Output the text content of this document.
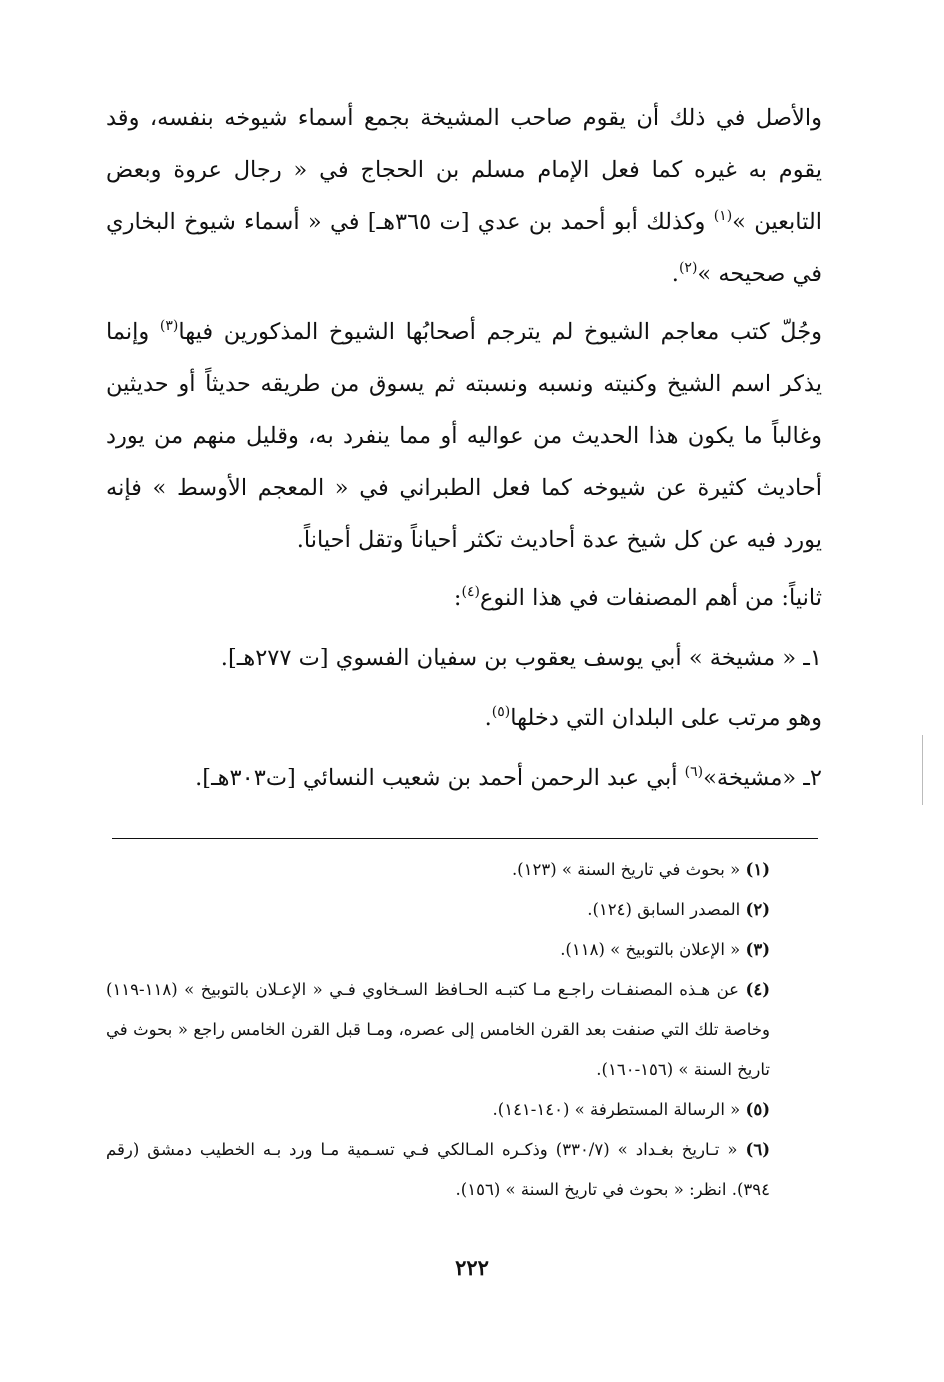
والأصل في ذلك أن يقوم صاحب المشيخة بجمع أسماء شيوخه بنفسه، وقد يقوم به غيره كما فعل الإمام مسلم بن الحجاج في « رجال عروة وبعض التابعين »$^{(١)}$ وكذلك أبو أحمد بن عدي [ت ٣٦٥هـ] في « أسماء شيوخ البخاري في صحيحه »$^{(٢)}$.

وجُلّ كتب معاجم الشيوخ لم يترجم أصحابُها الشيوخ المذكورين فيها$^{(٣)}$ وإنما يذكر اسم الشيخ وكنيته ونسبه ونسبته ثم يسوق من طريقه حديثاً أو حديثين وغالباً ما يكون هذا الحديث من عواليه أو مما ينفرد به، وقليل منهم من يورد أحاديث كثيرة عن شيوخه كما فعل الطبراني في « المعجم الأوسط » فإنه يورد فيه عن كل شيخ عدة أحاديث تكثر أحياناً وتقل أحياناً.

ثانياً: من أهم المصنفات في هذا النوع$^{(٤)}$:

١ـ « مشيخة » أبي يوسف يعقوب بن سفيان الفسوي [ت ٢٧٧هـ].

وهو مرتب على البلدان التي دخلها$^{(٥)}$.

٢ـ «مشيخة»$^{(٦)}$ أبي عبد الرحمن أحمد بن شعيب النسائي [ت٣٠٣هـ].

(١) « بحوث في تاريخ السنة » (١٢٣).

(٢) المصدر السابق (١٢٤).

(٣) « الإعلان بالتوبيخ » (١١٨).

(٤) عن هـذه المصنفـات راجـع مـا كتبـه الحـافظ السـخاوي فـي « الإعـلان بالتوبيخ » (١١٨-١١٩) وخاصة تلك التي صنفت بعد القرن الخامس إلى عصره، ومـا قبل القرن الخامس راجع « بحوث في تاريخ السنة » (١٥٦-١٦٠).

(٥) « الرسالة المستطرفة » (١٤٠-١٤١).

(٦) « تـاريخ بغـداد » (٣٣٠/٧) وذكـره المـالكي فـي تسـمية مـا ورد بـه الخطيب دمشق (رقم ٣٩٤). انظر: « بحوث في تاريخ السنة » (١٥٦).

٢٢٢
